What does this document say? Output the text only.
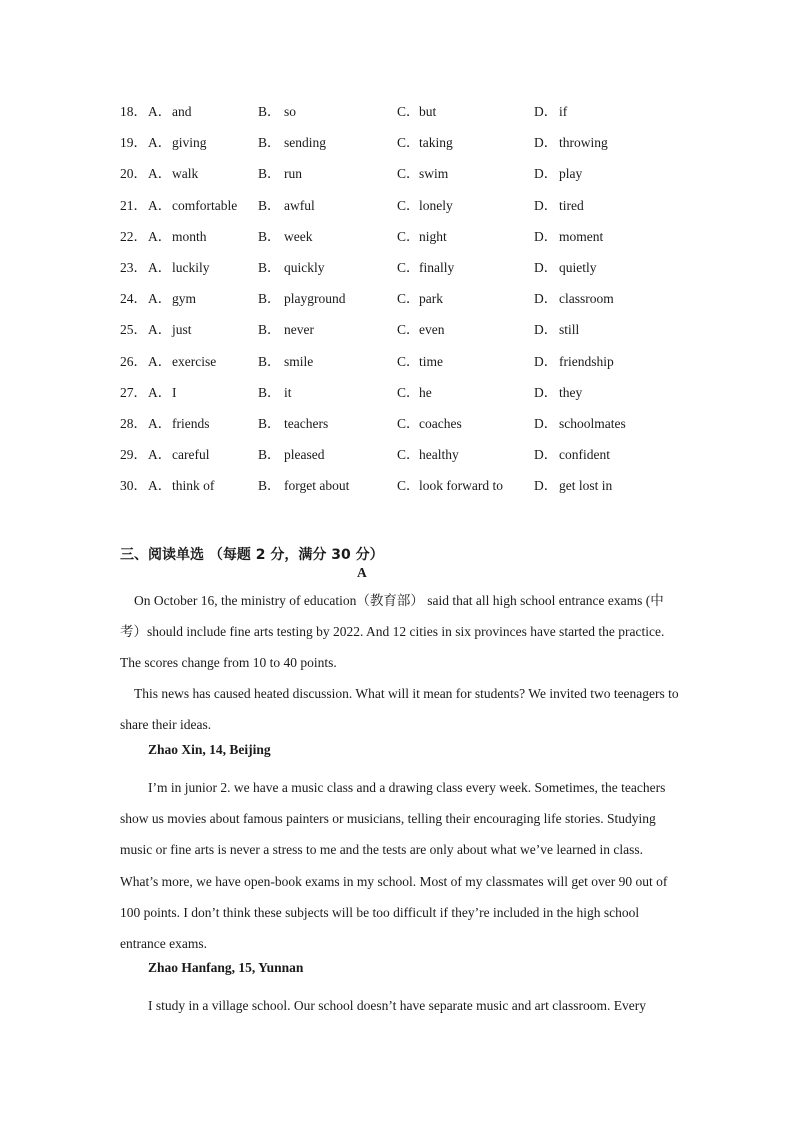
18． A．and	B． so	C．but	D． if
19． A．giving	B． sending	C．taking	D． throwing
20． A．walk	B． run	C．swim	D． play
21． A．comfortable B． awful	C．lonely	D． tired
22． A．month	B． week	C．night	D． moment
23． A．luckily	B． quickly	C．finally	D． quietly
24． A．gym	B． playground	C．park	D． classroom
25． A．just	B． never	C．even	D． still
26． A．exercise	B． smile	C．time	D． friendship
27． A．I	B． it	C．he	D． they
28． A．friends	B． teachers	C．coaches	D． schoolmates
29． A．careful	B． pleased	C．healthy	D． confident
30． A．think of	B． forget about	C．look forward to D． get lost in
三、阅读单选 （每题 2 分，满分 30 分）
A
On October 16, the ministry of education（教育部） said that all high school entrance exams (中考）should include fine arts testing by 2022. And 12 cities in six provinces have started the practice. The scores change from 10 to 40 points.
This news has caused heated discussion. What will it mean for students? We invited two teenagers to share their ideas.
Zhao Xin, 14, Beijing
I’m in junior 2. we have a music class and a drawing class every week. Sometimes, the teachers show us movies about famous painters or musicians, telling their encouraging life stories. Studying music or fine arts is never a stress to me and the tests are only about what we’ve learned in class. What’s more, we have open-book exams in my school. Most of my classmates will get over 90 out of 100 points. I don’t think these subjects will be too difficult if they’re included in the high school entrance exams.
Zhao Hanfang, 15, Yunnan
I study in a village school. Our school doesn’t have separate music and art classroom. Every
